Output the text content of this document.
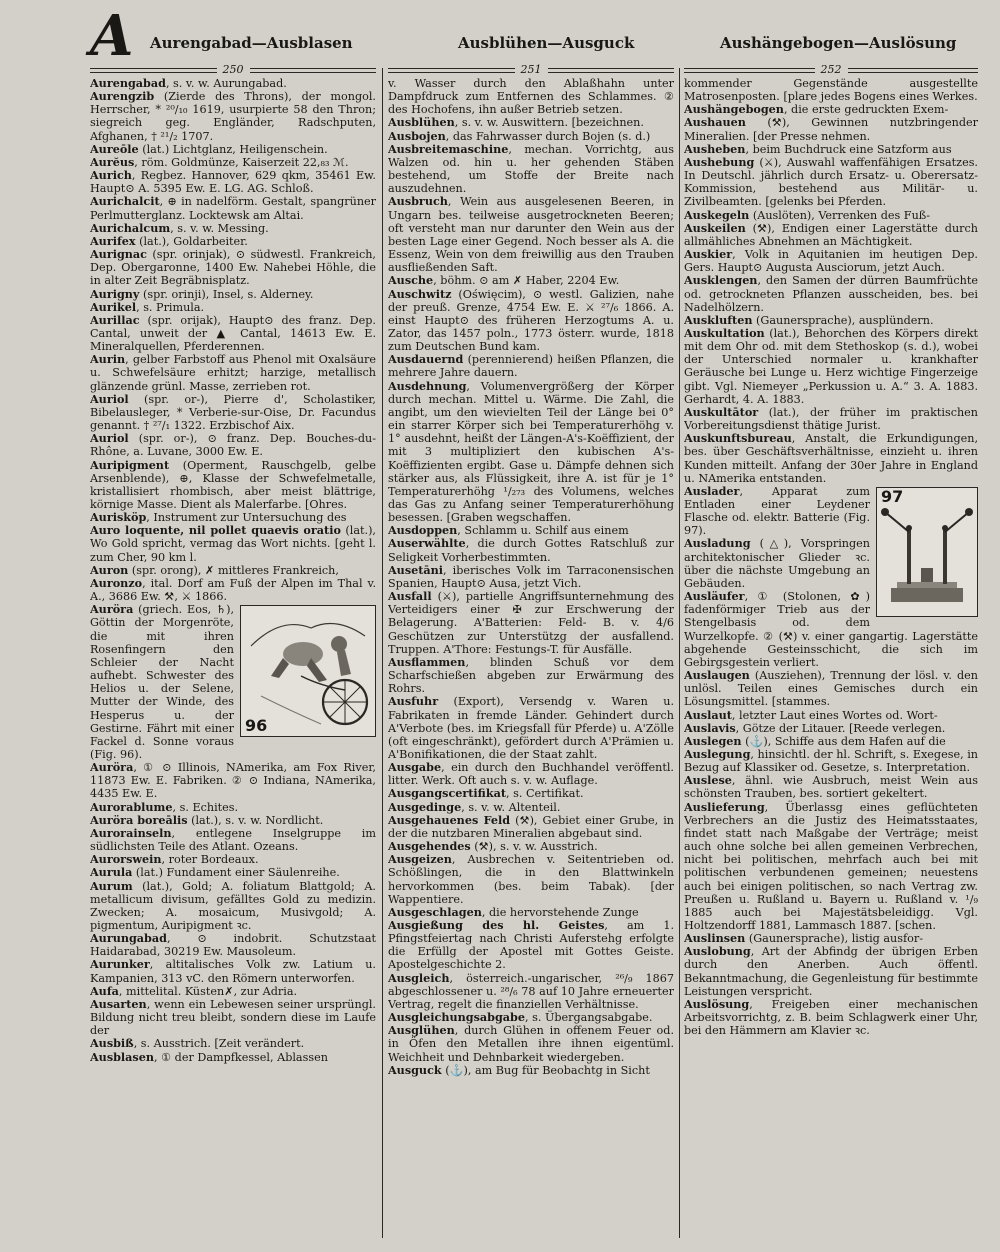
A Aurengabad—Ausblasen	Ausblühen—Ausguck	Aushängebogen—Auslösung
250

Aurengabad, s. v. w. Aurungabad.

Aurengzib (Zierde des Throns), der mongol. Herrscher, * ²⁰/₁₀ 1619, usurpierte 58 den Thron; siegreich geg. Engländer, Radschputen, Afghanen, † ²¹/₂ 1707.

Aureōle (lat.) Lichtglanz, Heiligenschein.

Aurĕus, röm. Goldmünze, Kaiserzeit 22,₈₃ ℳ.

Aurich, Regbez. Hannover, 629 qkm, 35461 Ew. Haupt⊙ A. 5395 Ew. E. LG. AG. Schloß.

Aurichalcit, ⊕ in nadelförm. Gestalt, spangrüner Perlmutterglanz. Locktewsk am Altai.

Aurichalcum, s. v. w. Messing.

Aurifex (lat.), Goldarbeiter.

Aurignac (spr. orinjak), ⊙ südwestl. Frankreich, Dep. Obergaronne, 1400 Ew. Nahebei Höhle, die in alter Zeit Begräbnisplatz.

Aurigny (spr. orinji), Insel, s. Alderney.

Aurikel, s. Primula.

Aurillac (spr. orijak), Haupt⊙ des franz. Dep. Cantal, unweit der ▲ Cantal, 14613 Ew. E. Mineralquellen, Pferderennen.

Aurin, gelber Farbstoff aus Phenol mit Oxalsäure u. Schwefelsäure erhitzt; harzige, metallisch glänzende grünl. Masse, zerrieben rot.

Auriol (spr. or-), Pierre d', Scholastiker, Bibelausleger, * Verberie-sur-Oise, Dr. Facundus genannt. † ²⁷/₁ 1322. Erzbischof Aix.

Auriol (spr. or-), ⊙ franz. Dep. Bouches-du-Rhône, a. Luvane, 3000 Ew. E.

Auripigment (Operment, Rauschgelb, gelbe Arsenblende), ⊕, Klasse der Schwefelmetalle, kristallisiert rhombisch, aber meist blättrige, körnige Masse. Dient als Malerfarbe. [Ohres.

Aurisköp, Instrument zur Untersuchung des

Auro loquente, nil pollet quaevis oratio (lat.), Wo Gold spricht, vermag das Wort nichts. [geht l. zum Cher, 90 km l.

Auron (spr. orong), ✗ mittleres Frankreich,

Auronzo, ital. Dorf am Fuß der Alpen im Thal v. A., 3686 Ew. ⚒, ⚔ 1866.

96

Auröra (griech. Eos, ♄), Göttin der Morgenröte, die mit ihren Rosenfingern den Schleier der Nacht aufhebt. Schwester des Helios u. der Selene, Mutter der Winde, des Hesperus u. der Gestirne. Fährt mit einer Fackel d. Sonne voraus (Fig. 96).

Auröra, ① ⊙ Illinois, NAmerika, am Fox River, 11873 Ew. E. Fabriken. ② ⊙ Indiana, NAmerika, 4435 Ew. E.

Aurorablume, s. Echites.

Auröra boreālis (lat.), s. v. w. Nordlicht.

Aurorainseln, entlegene Inselgruppe im südlichsten Teile des Atlant. Ozeans.

Aurorswein, roter Bordeaux.

Aurula (lat.) Fundament einer Säulenreihe.

Aurum (lat.), Gold; A. foliatum Blattgold; A. metallicum divisum, gefälltes Gold zu medizin. Zwecken; A. mosaicum, Musivgold; A. pigmentum, Auripigment ꝛc.

Aurungabad, ⊙ indobrit. Schutzstaat Haidarabad, 30219 Ew. Mausoleum.

Aurunker, altitalisches Volk zw. Latium u. Kampanien, 313 vC. den Römern unterworfen.

Aufa, mittelital. Küsten✗, zur Adria.

Ausarten, wenn ein Lebewesen seiner ursprüngl. Bildung nicht treu bleibt, sondern diese im Laufe der

Ausbiß, s. Ausstrich. [Zeit verändert.

Ausblasen, ① der Dampfkessel, Ablassen

251

v. Wasser durch den Ablaßhahn unter Dampfdruck zum Entfernen des Schlammes. ② des Hochofens, ihn außer Betrieb setzen.

Ausblühen, s. v. w. Auswittern. [bezeichnen.

Ausbojen, das Fahrwasser durch Bojen (s. d.)

Ausbreitemaschine, mechan. Vorrichtg, aus Walzen od. hin u. her gehenden Stäben bestehend, um Stoffe der Breite nach auszudehnen.

Ausbruch, Wein aus ausgelesenen Beeren, in Ungarn bes. teilweise ausgetrockneten Beeren; oft versteht man nur darunter den Wein aus der besten Lage einer Gegend. Noch besser als A. die Essenz, Wein von dem freiwillig aus den Trauben ausfließenden Saft.

Ausche, böhm. ⊙ am ✗ Haber, 2204 Ew.

Auschwitz (Oświęcim), ⊙ westl. Galizien, nahe der preuß. Grenze, 4754 Ew. E. ⚔ ²⁷/₆ 1866. A. einst Haupt⊙ des früheren Herzogtums A. u. Zator, das 1457 poln., 1773 österr. wurde, 1818 zum Deutschen Bund kam.

Ausdauernd (perennierend) heißen Pflanzen, die mehrere Jahre dauern.

Ausdehnung, Volumenvergrößerg der Körper durch mechan. Mittel u. Wärme. Die Zahl, die angibt, um den wievielten Teil der Länge bei 0° ein starrer Körper sich bei Temperaturerhöhg v. 1° ausdehnt, heißt der Längen-A's-Koëffizient, der mit 3 multipliziert den kubischen A's-Koëffizienten ergibt. Gase u. Dämpfe dehnen sich stärker aus, als Flüssigkeit, ihre A. ist für je 1° Temperaturerhöhg ¹/₂₇₃ des Volumens, welches das Gas zu Anfang seiner Temperaturerhöhung besessen. [Graben wegschaffen.

Ausdoppen, Schlamm u. Schilf aus einem

Auserwählte, die durch Gottes Ratschluß zur Seligkeit Vorherbestimmten.

Ausetāni, iberisches Volk im Tarraconensischen Spanien, Haupt⊙ Ausa, jetzt Vich.

Ausfall (⚔), partielle Angriffsunternehmung des Verteidigers einer ✠ zur Erschwerung der Belagerung. A'Batterien: Feld- B. v. 4/6 Geschützen zur Unterstützg der ausfallend. Truppen. A'Thore: Festungs-T. für Ausfälle.

Ausflammen, blinden Schuß vor dem Scharfschießen abgeben zur Erwärmung des Rohrs.

Ausfuhr (Export), Versendg v. Waren u. Fabrikaten in fremde Länder. Gehindert durch A'Verbote (bes. im Kriegsfall für Pferde) u. A'Zölle (oft eingeschränkt), gefördert durch A'Prämien u. A'Bonifikationen, die der Staat zahlt.

Ausgabe, ein durch den Buchhandel veröffentl. litter. Werk. Oft auch s. v. w. Auflage.

Ausgangscertifikat, s. Certifikat.

Ausgedinge, s. v. w. Altenteil.

Ausgehauenes Feld (⚒), Gebiet einer Grube, in der die nutzbaren Mineralien abgebaut sind.

Ausgehendes (⚒), s. v. w. Ausstrich.

Ausgeizen, Ausbrechen v. Seitentrieben od. Schößlingen, die in den Blattwinkeln hervorkommen (bes. beim Tabak). [der Wappentiere.

Ausgeschlagen, die hervorstehende Zunge

Ausgießung des hl. Geistes, am 1. Pfingstfeiertag nach Christi Auferstehg erfolgte die Erfüllg der Apostel mit Gottes Geiste. Apostelgeschichte 2.

Ausgleich, österreich.-ungarischer, ²⁶/₉ 1867 abgeschlossener u. ²⁸/₆ 78 auf 10 Jahre erneuerter Vertrag, regelt die finanziellen Verhältnisse.

Ausgleichungsabgabe, s. Übergangsabgabe.

Ausglühen, durch Glühen in offenem Feuer od. in Öfen den Metallen ihre ihnen eigentüml. Weichheit und Dehnbarkeit wiedergeben.

Ausguck (⚓), am Bug für Beobachtg in Sicht

252

kommender Gegenstände ausgestellte Matrosenposten. [plare jedes Bogens eines Werkes.

Aushängebogen, die erste gedruckten Exem-

Aushauen (⚒), Gewinnen nutzbringender Mineralien. [der Presse nehmen.

Ausheben, beim Buchdruck eine Satzform aus

Aushebung (⚔), Auswahl waffenfähigen Ersatzes. In Deutschl. jährlich durch Ersatz- u. Oberersatz-Kommission, bestehend aus Militär- u. Zivilbeamten. [gelenks bei Pferden.

Auskegeln (Auslöten), Verrenken des Fuß-

Auskeilen (⚒), Endigen einer Lagerstätte durch allmähliches Abnehmen an Mächtigkeit.

Auskier, Volk in Aquitanien im heutigen Dep. Gers. Haupt⊙ Augusta Ausciorum, jetzt Auch.

Ausklengen, den Samen der dürren Baumfrüchte od. getrockneten Pflanzen ausscheiden, bes. bei Nadelhölzern.

Auskluften (Gaunersprache), ausplündern.

Auskultation (lat.), Behorchen des Körpers direkt mit dem Ohr od. mit dem Stethoskop (s. d.), wobei der Unterschied normaler u. krankhafter Geräusche bei Lunge u. Herz wichtige Fingerzeige gibt. Vgl. Niemeyer „Perkussion u. A.“ 3. A. 1883. Gerhardt, 4. A. 1883.

Auskultātor (lat.), der früher im praktischen Vorbereitungsdienst thätige Jurist.

Auskunftsbureau, Anstalt, die Erkundigungen, bes. über Geschäftsverhältnisse, einzieht u. ihren Kunden mitteilt. Anfang der 30er Jahre in England u. NAmerika entstanden.

97

Auslader, Apparat zum Entladen einer Leydener Flasche od. elektr. Batterie (Fig. 97).

Ausladung (△), Vorspringen architektonischer Glieder ꝛc. über die nächste Umgebung an Gebäuden.

Ausläufer, ① (Stolonen, ✿) fadenförmiger Trieb aus der Stengelbasis od. dem Wurzelkopfe. ② (⚒) v. einer gangartig. Lagerstätte abgehende Gesteinsschicht, die sich im Gebirgsgestein verliert.

Auslaugen (Ausziehen), Trennung der lösl. v. den unlösl. Teilen eines Gemisches durch ein Lösungsmittel. [stammes.

Auslaut, letzter Laut eines Wortes od. Wort-

Auslavis, Götze der Litauer. [Reede verlegen.

Auslegen (⚓), Schiffe aus dem Hafen auf die

Auslegung, hinsichtl. der hl. Schrift, s. Exegese, in Bezug auf Klassiker od. Gesetze, s. Interpretation.

Auslese, ähnl. wie Ausbruch, meist Wein aus schönsten Trauben, bes. sortiert gekeltert.

Auslieferung, Überlassg eines geflüchteten Verbrechers an die Justiz des Heimatsstaates, findet statt nach Maßgabe der Verträge; meist auch ohne solche bei allen gemeinen Verbrechen, nicht bei politischen, mehrfach auch bei mit politischen verbundenen gemeinen; neuestens auch bei einigen politischen, so nach Vertrag zw. Preußen u. Rußland u. Bayern u. Rußland v. ¹/₉ 1885 auch bei Majestätsbeleidigg. Vgl. Holtzendorff 1881, Lammasch 1887. [schen.

Auslinsen (Gaunersprache), listig ausfor-

Auslobung, Art der Abfindg der übrigen Erben durch den Anerben. Auch öffentl. Bekanntmachung, die Gegenleistung für bestimmte Leistungen verspricht.

Auslösung, Freigeben einer mechanischen Arbeitsvorrichtg, z. B. beim Schlagwerk einer Uhr, bei den Hämmern am Klavier ꝛc.
